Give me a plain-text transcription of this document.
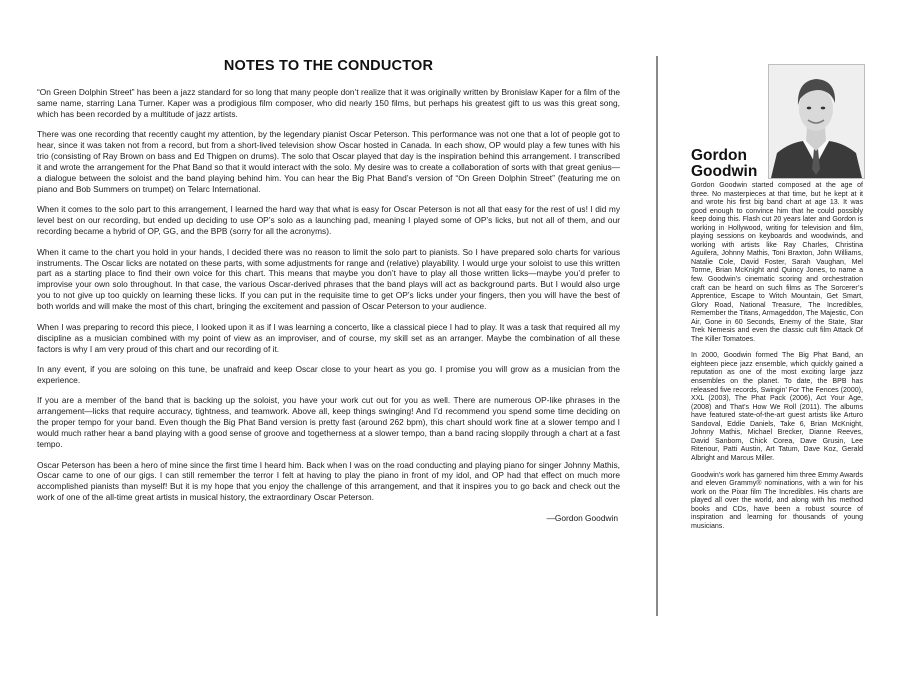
NOTES TO THE CONDUCTOR

“On Green Dolphin Street” has been a jazz standard for so long that many people don’t realize that it was originally written by Bronislaw Kaper for a film of the same name, starring Lana Turner. Kaper was a prodigious film composer, who did nearly 150 films, but perhaps his greatest gift to us was this great song, which has been recorded by a multitude of jazz artists.

There was one recording that recently caught my attention, by the legendary pianist Oscar Peterson. This performance was not one that a lot of people got to hear, since it was taken not from a record, but from a short-lived television show Oscar hosted in Canada. In each show, OP would play a few tunes with his trio (consisting of Ray Brown on bass and Ed Thigpen on drums). The solo that Oscar played that day is the inspiration behind this arrangement. I transcribed it and wrote the arrangement for the Phat Band so that it would interact with the solo. My desire was to create a collaboration of sorts with that great genius—a dialogue between the soloist and the band playing behind him. You can hear the Big Phat Band’s version of “On Green Dolphin Street” (featuring me on piano and Bob Summers on trumpet) on Telarc International.

When it comes to the solo part to this arrangement, I learned the hard way that what is easy for Oscar Peterson is not all that easy for the rest of us! I did my level best on our recording, but ended up deciding to use OP’s solo as a launching pad, meaning I played some of OP’s licks, but not all of them, and our recording became a hybrid of OP, GG, and the BPB (sorry for all the acronyms).

When it came to the chart you hold in your hands, I decided there was no reason to limit the solo part to pianists. So I have prepared solo charts for various instruments. The Oscar licks are notated on these parts, with some adjustments for range and (relative) playability. I would urge your soloist to use this written part as a starting place to find their own voice for this chart. This means that maybe you don’t have to play all those written licks—maybe you’d prefer to improvise your own solo throughout. In that case, the various Oscar-derived phrases that the band plays will act as background parts. But I would also urge you to not give up too quickly on learning these licks. If you can put in the requisite time to get OP’s licks under your fingers, then you will have the best of both worlds and will make the most of this chart, bringing the excitement and passion of Oscar Peterson to your audience.

When I was preparing to record this piece, I looked upon it as if I was learning a concerto, like a classical piece I had to play. It was a task that required all my discipline as a musician combined with my point of view as an improviser, and of course, my skill set as an arranger. Maybe the combination of all these factors is why I am very proud of this chart and our recording of it.

In any event, if you are soloing on this tune, be unafraid and keep Oscar close to your heart as you go. I promise you will grow as a musician from the experience.

If you are a member of the band that is backing up the soloist, you have your work cut out for you as well. There are numerous OP-like phrases in the arrangement—licks that require accuracy, tightness, and teamwork. Above all, keep things swinging! And I’d recommend you spend some time deciding on the proper tempo for your band. Even though the Big Phat Band version is pretty fast (around 262 bpm), this chart should work fine at a slower tempo and I would much rather hear a band playing with a good sense of groove and togetherness at a slower tempo, than a band racing sloppily through a chart at a fast tempo.

Oscar Peterson has been a hero of mine since the first time I heard him. Back when I was on the road conducting and playing piano for singer Johnny Mathis, Oscar came to one of our gigs. I can still remember the terror I felt at having to play the piano in front of my idol, and OP had that effect on much more accomplished pianists than myself! But it is my hope that you enjoy the challenge of this arrangement, and that it inspires you to go back and check out the work of one of the all-time great artists in musical history, the extraordinary Oscar Peterson.

—Gordon Goodwin
Gordon
Goodwin

Gordon Goodwin started composed at the age of three. No masterpieces at that time, but he kept at it and wrote his first big band chart at age 13. It was good enough to convince him that he could possibly keep doing this. Flash cut 20 years later and Gordon is working in Hollywood, writing for television and film, playing sessions on keyboards and woodwinds, and working with artists like Ray Charles, Christina Aguilera, Johnny Mathis, Toni Braxton, John Williams, Natalie Cole, David Foster, Sarah Vaughan, Mel Torme, Brian McKnight and Quincy Jones, to name a few. Goodwin’s cinematic scoring and orchestration craft can be heard on such films as The Sorcerer’s Apprentice, Escape to Witch Mountain, Get Smart, Glory Road, National Treasure, The Incredibles, Remember the Titans, Armageddon, The Majestic, Con Air, Gone in 60 Seconds, Enemy of the State, Star Trek Nemesis and even the classic cult film Attack Of The Killer Tomatoes.

In 2000, Goodwin formed The Big Phat Band, an eighteen piece jazz ensemble, which quickly gained a reputation as one of the most exciting large jazz ensembles on the planet. To date, the BPB has released five records, Swingin’ For The Fences (2000), XXL (2003), The Phat Pack (2006), Act Your Age, (2008) and That’s How We Roll (2011). The albums have featured state-of-the-art guest artists like Arturo Sandoval, Eddie Daniels, Take 6, Brian McKnight, Johnny Mathis, Michael Brecker, Dianne Reeves, David Sanborn, Chick Corea, Dave Grusin, Lee Ritenour, Patti Austin, Art Tatum, Dave Koz, Gerald Albright and Marcus Miller.

Goodwin’s work has garnered him three Emmy Awards and eleven Grammy® nominations, with a win for his work on the Pixar film The Incredibles. His charts are played all over the world, and along with his method books and CDs, have been a robust source of inspiration and learning for thousands of young musicians.
